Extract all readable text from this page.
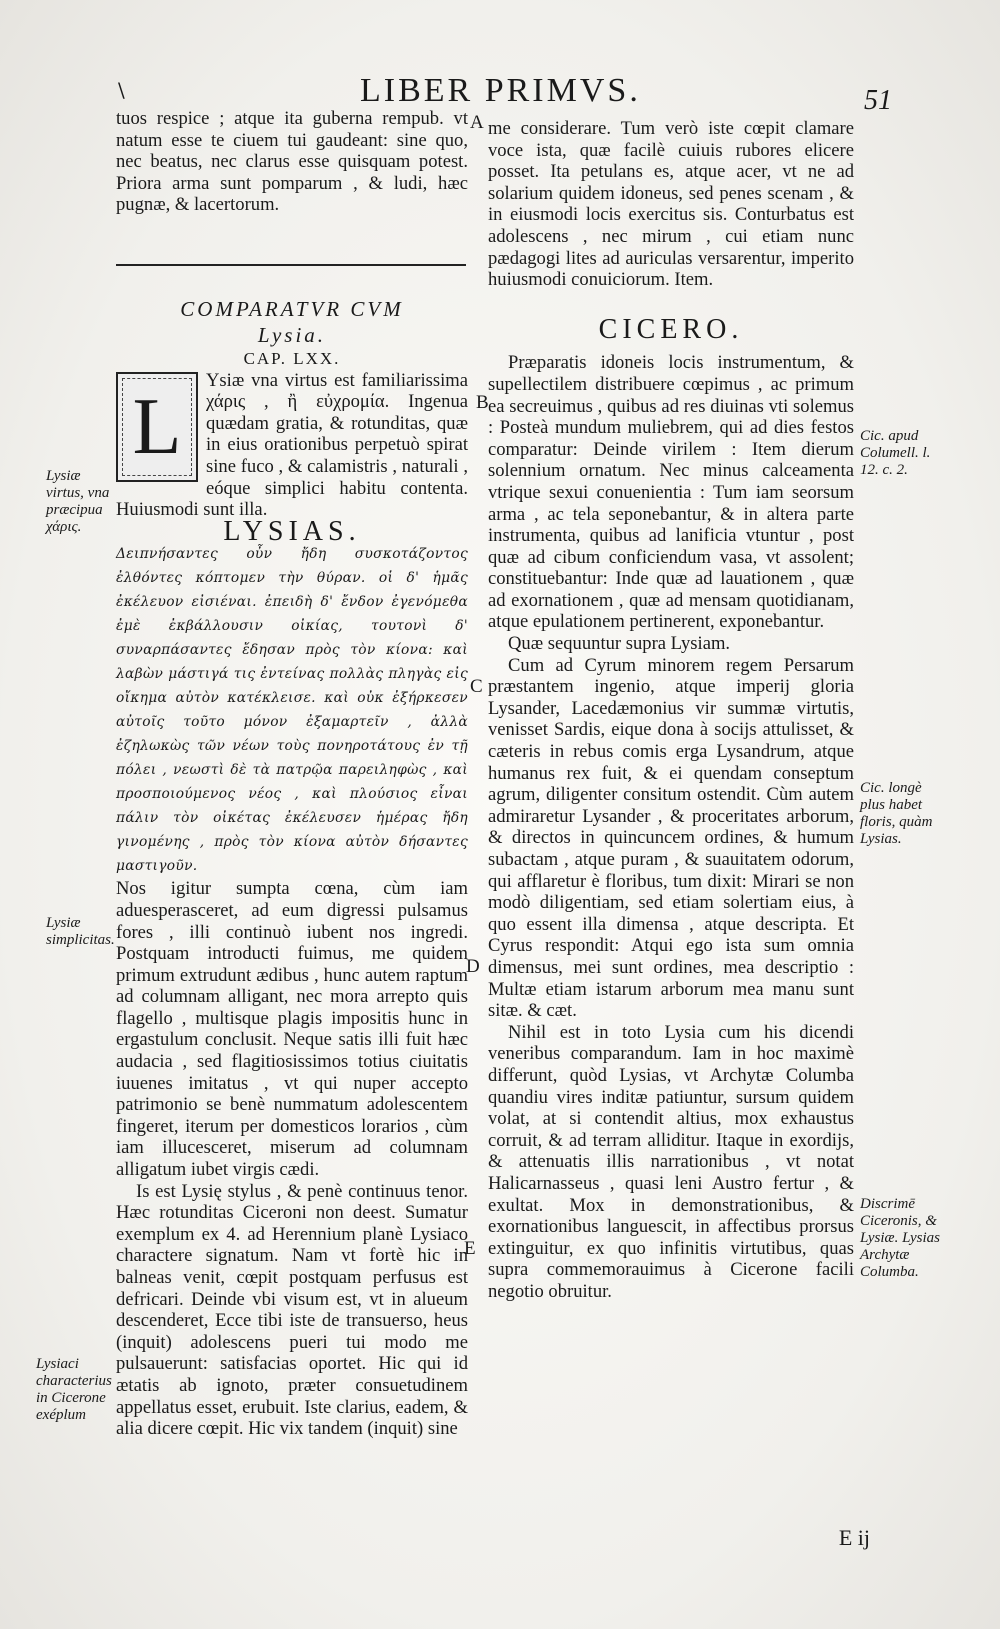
\	LIBER PRIMVS.	51

tuos respice ; atque ita guberna rempub. vt natum esse te ciuem tui gaudeant: sine quo, nec beatus, nec clarus esse quisquam potest. Priora arma sunt pomparum , & ludi, hæc pugnæ, & lacertorum.

COMPARATVR CVM

Lysia.

CAP. LXX.

L

Ysiæ vna virtus est familiarissima χάρις , ἢ εὐχρομία. Ingenua quædam gratia, & rotunditas, quæ in eius orationibus perpetuò spirat sine fuco , & calamistris , naturali , eóque simplici habitu contenta. Huiusmodi sunt illa.

LYSIAS.

Δειπνήσαντες οὖν ἤδη συσκοτάζοντος ἐλθόντες κόπτομεν τὴν θύραν. οἱ δ' ἡμᾶς ἐκέλευον εἰσιέναι. ἐπειδὴ δ' ἔνδον ἐγενόμεθα ἐμὲ ἐκβάλλουσιν οἰκίας, τουτονὶ δ' συναρπάσαντες ἔδησαν πρὸς τὸν κίονα: καὶ λαβὼν μάστιγά τις ἐντείνας πολλὰς πληγὰς εἰς οἴκημα αὐτὸν κατέκλεισε. καὶ οὐκ ἐξήρκεσεν αὐτοῖς τοῦτο μόνον ἐξαμαρτεῖν , ἀλλὰ ἐζηλωκὼς τῶν νέων τοὺς πονηροτάτους ἐν τῇ πόλει , νεωστὶ δὲ τὰ πατρῷα παρειληφὼς , καὶ προσποιούμενος νέος , καὶ πλούσιος εἶναι πάλιν τὸν οἰκέτας ἐκέλευσεν ἡμέρας ἤδη γινομένης , πρὸς τὸν κίονα αὐτὸν δήσαντες μαστιγοῦν.

Nos igitur sumpta cœna, cùm iam aduesperasceret, ad eum digressi pulsamus fores , illi continuò iubent nos ingredi. Postquam introducti fuimus, me quidem primum extrudunt ædibus , hunc autem raptum ad columnam alligant, nec mora arrepto quis flagello , multisque plagis impositis hunc in ergastulum conclusit. Neque satis illi fuit hæc audacia , sed flagitiosissimos totius ciuitatis iuuenes imitatus , vt qui nuper accepto patrimonio se benè nummatum adolescentem fingeret, iterum per domesticos lorarios , cùm iam illucesceret, miserum ad columnam alligatum iubet virgis cædi.

Is est Lysię stylus , & penè continuus tenor. Hæc rotunditas Ciceroni non deest. Sumatur exemplum ex 4. ad Herennium planè Lysiaco charactere signatum. Nam vt fortè hic in balneas venit, cœpit postquam perfusus est defricari. Deinde vbi visum est, vt in alueum descenderet, Ecce tibi iste de transuerso, heus (inquit) adolescens pueri tui modo me pulsauerunt: satisfacias oportet. Hic qui id ætatis ab ignoto, præter consuetudinem appellatus esset, erubuit. Iste clarius, eadem, & alia dicere cœpit. Hic vix tandem (inquit) sine

me considerare. Tum verò iste cœpit clamare voce ista, quæ facilè cuiuis rubores elicere posset. Ita petulans es, atque acer, vt ne ad solarium quidem idoneus, sed penes scenam , & in eiusmodi locis exercitus sis. Conturbatus est adolescens , nec mirum , cui etiam nunc pædagogi lites ad auriculas versarentur, imperito huiusmodi conuiciorum. Item.

CICERO.

Præparatis idoneis locis instrumentum, & supellectilem distribuere cœpimus , ac primum ea secreuimus , quibus ad res diuinas vti solemus : Posteà mundum muliebrem, qui ad dies festos comparatur: Deinde virilem : Item dierum solennium ornatum. Nec minus calceamenta vtrique sexui conuenientia : Tum iam seorsum arma , ac tela seponebantur, & in altera parte instrumenta, quibus ad lanificia vtuntur , post quæ ad cibum conficiendum vasa, vt assolent; constituebantur: Inde quæ ad lauationem , quæ ad exornationem , quæ ad mensam quotidianam, atque epulationem pertinerent, exponebantur.

Quæ sequuntur supra Lysiam.

Cum ad Cyrum minorem regem Persarum præstantem ingenio, atque imperij gloria Lysander, Lacedæmonius vir summæ virtutis, venisset Sardis, eique dona à socijs attulisset, & cæteris in rebus comis erga Lysandrum, atque humanus rex fuit, & ei quendam conseptum agrum, diligenter consitum ostendit. Cùm autem admiraretur Lysander , & proceritates arborum, & directos in quincuncem ordines, & humum subactam , atque puram , & suauitatem odorum, qui afflaretur è floribus, tum dixit: Mirari se non modò diligentiam, sed etiam solertiam eius, à quo essent illa dimensa , atque descripta. Et Cyrus respondit: Atqui ego ista sum omnia dimensus, mei sunt ordines, mea descriptio : Multæ etiam istarum arborum mea manu sunt sitæ. & cæt.

Nihil est in toto Lysia cum his dicendi veneribus comparandum. Iam in hoc maximè differunt, quòd Lysias, vt Archytæ Columba quandiu vires inditæ patiuntur, sursum quidem volat, at si contendit altius, mox exhaustus corruit, & ad terram alliditur. Itaque in exordijs, & attenuatis illis narrationibus , vt notat Halicarnasseus , quasi leni Austro fertur , & exultat. Mox in demonstrationibus, & exornationibus languescit, in affectibus prorsus extinguitur, ex quo infinitis virtutibus, quas supra commemorauimus à Cicerone facili negotio obruitur.

Lysiæ virtus, vna præcipua χάρις.
Lysiæ simplicitas.
Lysiaci characterius in Cicerone exéplum
Cic. apud Columell. l. 12. c. 2.
Cic. longè plus habet floris, quàm Lysias.
Discrimē Ciceronis, & Lysiæ. Lysias Archytæ Columba.
A
B
C
D
E
E ij
